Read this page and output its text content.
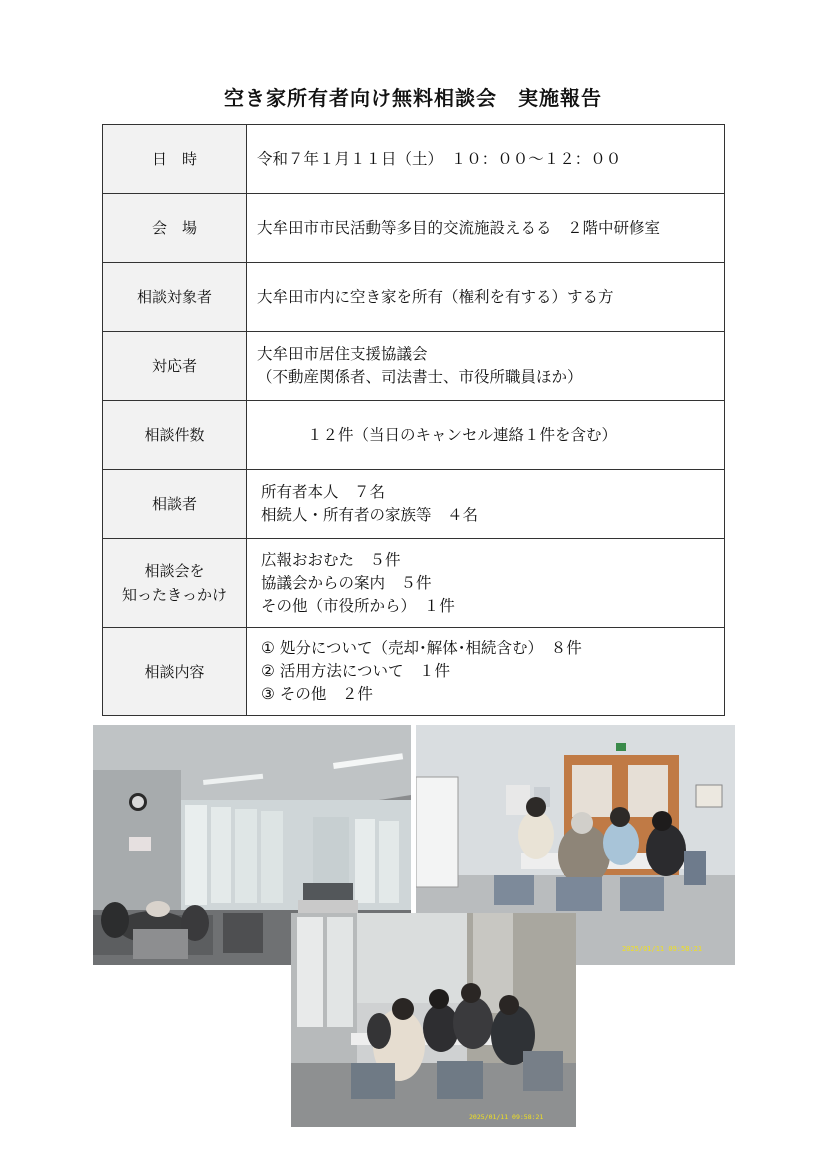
空き家所有者向け無料相談会　実施報告
日　時	令和７年１月１１日（土）　１０：００～１２：００

会　場	大牟田市市民活動等多目的交流施設えるる　２階中研修室

相談対象者	大牟田市内に空き家を所有（権利を有する）する方

対応者	大牟田市居住支援協議会
（不動産関係者、司法書士、市役所職員ほか）

相談件数	１２件（当日のキャンセル連絡１件を含む）

相談者	所有者本人　７名
相続人・所有者の家族等　４名

相談会を
知ったきっかけ	広報おおむた　５件
協議会からの案内　５件
その他（市役所から）　１件

相談内容	① 処分について（売却･解体･相続含む）　８件
② 活用方法について　１件
③ その他　２件
2025/01/11 09:58:21
2025/01/11 09:58:21
